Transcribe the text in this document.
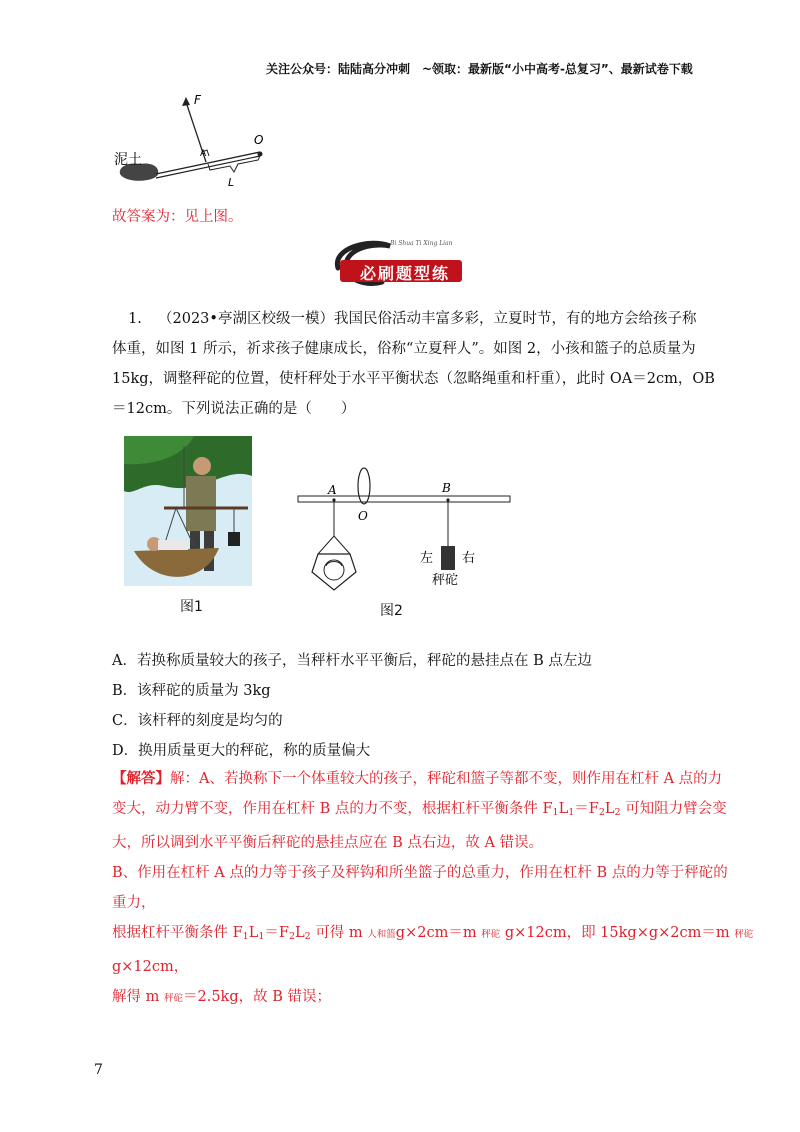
关注公众号：陆陆高分冲刺　~领取：最新版“小中高考-总复习”、最新试卷下载
F
O
A
L
泥土
故答案为：见上图。
Bi Shua Ti Xing Lian
必刷题型练
1. （2023•亭湖区校级一模）我国民俗活动丰富多彩，立夏时节，有的地方会给孩子称
体重，如图 1 所示，祈求孩子健康成长，俗称“立夏秤人”。如图 2，小孩和篮子的总质量为
15kg，调整秤砣的位置，使杆秤处于水平平衡状态（忽略绳重和杆重），此时 OA＝2cm，OB
＝12cm。下列说法正确的是（　　）
图1
A
O
B
左 右
秤砣
图2
A．若换称质量较大的孩子，当秤杆水平平衡后，秤砣的悬挂点在 B 点左边
B．该秤砣的质量为 3kg
C．该杆秤的刻度是均匀的
D．换用质量更大的秤砣，称的质量偏大
【解答】解：A、若换称下一个体重较大的孩子，秤砣和篮子等都不变，则作用在杠杆 A 点的力
变大，动力臂不变，作用在杠杆 B 点的力不变，根据杠杆平衡条件 $F_1L_1=F_2L_2$ 可知阻力臂会变
大，所以调到水平平衡后秤砣的悬挂点应在 B 点右边，故 A 错误。
B、作用在杠杆 A 点的力等于孩子及秤钩和所坐篮子的总重力，作用在杠杆 B 点的力等于秤砣的
重力，
根据杠杆平衡条件 $F_1L_1=F_2L_2$ 可得 m 人和篮g×2cm＝m 秤砣 g×12cm，即 15kg×g×2cm＝m 秤砣
g×12cm，
解得 m 秤砣＝2.5kg，故 B 错误；
7
